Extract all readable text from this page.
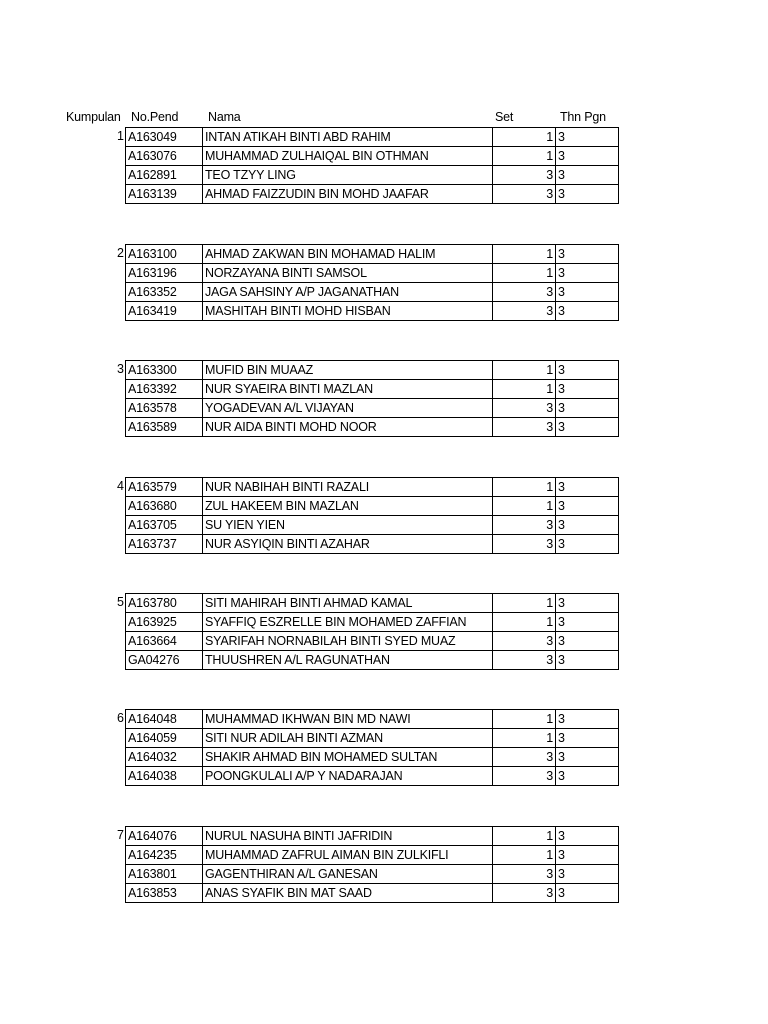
Kumpulan No.Pend Nama	Set	Thn Pgn
1 A163049	INTAN ATIKAH BINTI ABD RAHIM	1	3
A163076	MUHAMMAD ZULHAIQAL BIN OTHMAN	1	3
A162891	TEO TZYY LING	3	3
A163139	AHMAD FAIZZUDIN BIN MOHD JAAFAR	3	3
2 A163100	AHMAD ZAKWAN BIN MOHAMAD HALIM	1	3
A163196	NORZAYANA BINTI SAMSOL	1	3
A163352	JAGA SAHSINY A/P JAGANATHAN	3	3
A163419	MASHITAH BINTI MOHD HISBAN	3	3
3 A163300	MUFID BIN MUAAZ	1	3
A163392	NUR SYAEIRA BINTI MAZLAN	1	3
A163578	YOGADEVAN A/L VIJAYAN	3	3
A163589	NUR AIDA BINTI MOHD NOOR	3	3
4 A163579	NUR NABIHAH BINTI RAZALI	1	3
A163680	ZUL HAKEEM BIN MAZLAN	1	3
A163705	SU YIEN YIEN	3	3
A163737	NUR ASYIQIN BINTI AZAHAR	3	3
5 A163780	SITI MAHIRAH BINTI AHMAD KAMAL	1	3
A163925	SYAFFIQ ESZRELLE BIN MOHAMED ZAFFIAN	1	3
A163664	SYARIFAH NORNABILAH BINTI SYED MUAZ	3	3
GA04276	THUUSHREN A/L RAGUNATHAN	3	3
6 A164048	MUHAMMAD IKHWAN BIN MD NAWI	1	3
A164059	SITI NUR ADILAH BINTI AZMAN	1	3
A164032	SHAKIR AHMAD BIN MOHAMED SULTAN	3	3
A164038	POONGKULALI A/P Y NADARAJAN	3	3
7 A164076	NURUL NASUHA BINTI JAFRIDIN	1	3
A164235	MUHAMMAD ZAFRUL AIMAN BIN ZULKIFLI	1	3
A163801	GAGENTHIRAN A/L GANESAN	3	3
A163853	ANAS SYAFIK BIN MAT SAAD	3	3
